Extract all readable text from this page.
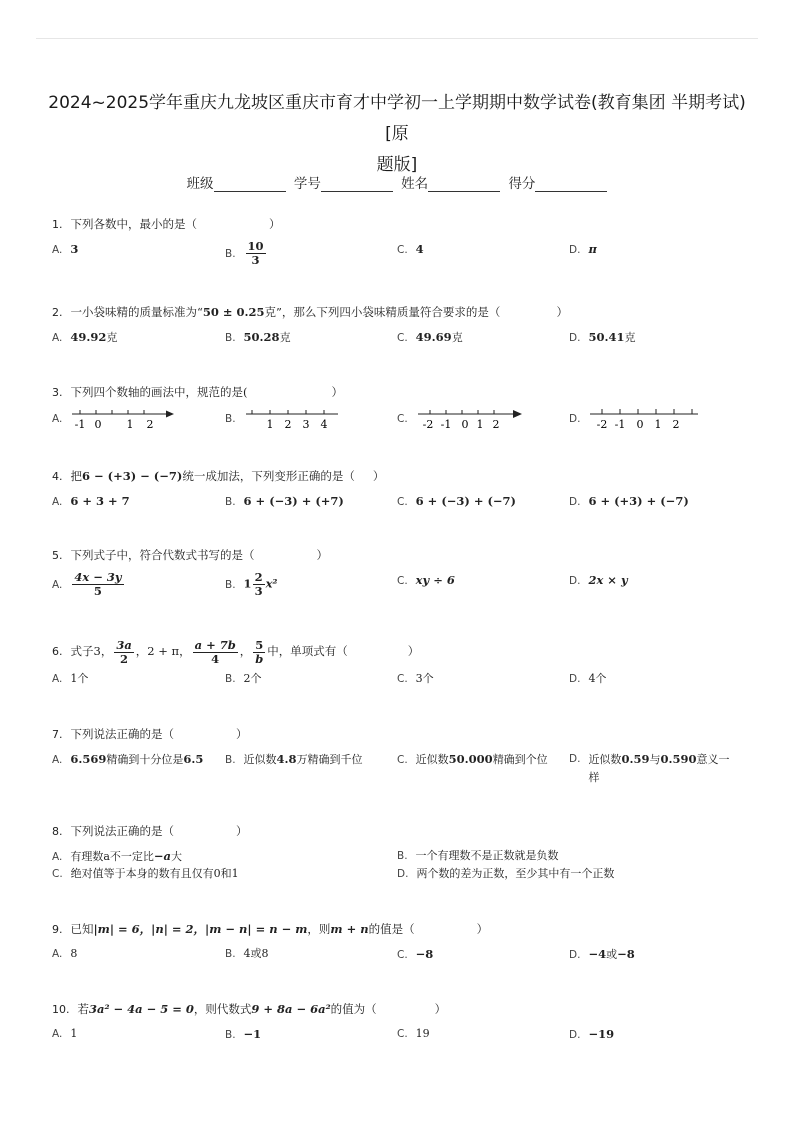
2024~2025学年重庆九龙坡区重庆市育才中学初一上学期期中数学试卷(教育集团 半期考试)[原
题版]
班级	学号	姓名	得分
1. 下列各数中，最小的是（	）
A. 3	B. $\frac{10}{3}$	C. 4	D. π
2. 一小袋味精的质量标准为“50 ± 0.25克”，那么下列四小袋味精质量符合要求的是（	）
A. 49.92克	B. 50.28克	C. 49.69克	D. 50.41克
3. 下列四个数轴的画法中，规范的是(	）
A. -1 0 1 2	B.	1 2 3 4	C. -2 -1 0 1 2	D. -2 -1 0 1 2
4. 把6 − (+3) − (−7)统一成加法，下列变形正确的是（ ）
A. 6 + 3 + 7	B. 6 + (−3) + (+7)	C. 6 + (−3) + (−7)	D. 6 + (+3) + (−7)
5. 下列式子中，符合代数式书写的是（	）
A. $\frac{4x - 3y}{5}$	B. $1 \frac{2}{3} x^2$	C. xy ÷ 6	D. 2x × y
6. 式子3， $\frac{3a}{2}$ ，2 + π， $\frac{a + 7b}{4}$ ， $\frac{5}{b}$ 中，单项式有（	）
A. 1个	B. 2个	C. 3个	D. 4个
7. 下列说法正确的是（	）
A. 6.569精确到十分位是6.5 B. 近似数4.8万精确到千位	C. 近似数50.000精确到个位 D. 近似数0.59与0.590意义一样
8. 下列说法正确的是（	）
A. 有理数a不一定比−a大	B. 一个有理数不是正数就是负数
C. 绝对值等于本身的数有且仅有0和1	D. 两个数的差为正数，至少其中有一个正数
9. 已知|m| = 6，|n| = 2，|m − n| = n − m，则m + n的值是（	）
A. 8	B. 4或8	C. −8	D. −4或−8
10. 若3a² − 4a − 5 = 0，则代数式9 + 8a − 6a²的值为（	）
A. 1	B. −1	C. 19	D. −19
